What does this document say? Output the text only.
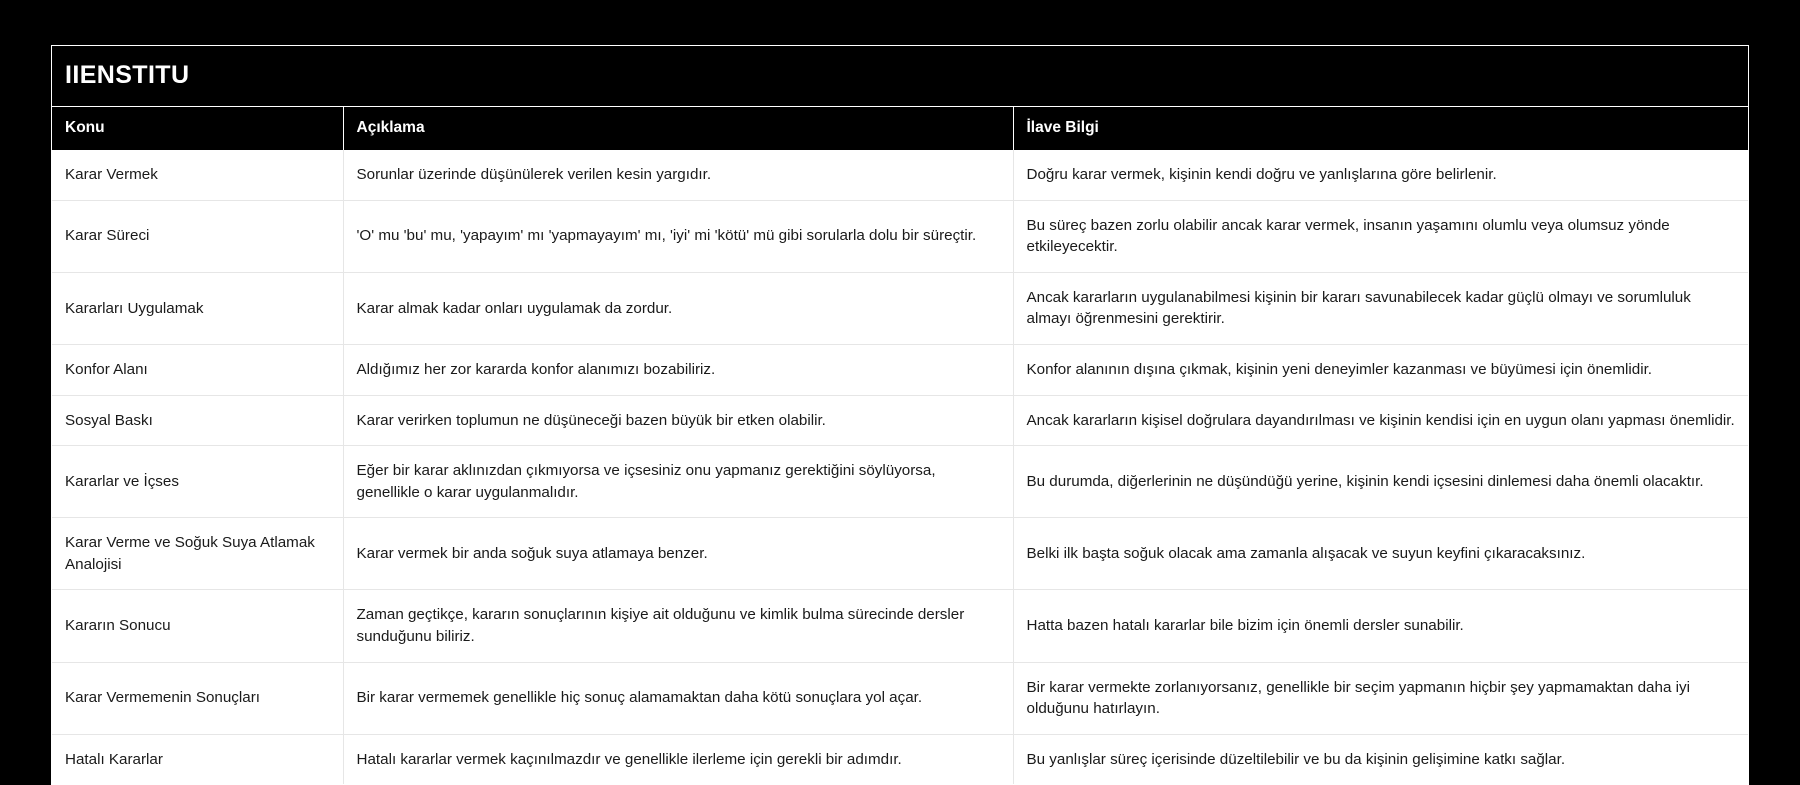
IIENSTITU
Konu	Açıklama	İlave Bilgi
Karar Vermek	Sorunlar üzerinde düşünülerek verilen kesin yargıdır.	Doğru karar vermek, kişinin kendi doğru ve yanlışlarına göre belirlenir.
Karar Süreci	'O' mu 'bu' mu, 'yapayım' mı 'yapmayayım' mı, 'iyi' mi 'kötü' mü gibi sorularla dolu bir süreçtir.	Bu süreç bazen zorlu olabilir ancak karar vermek, insanın yaşamını olumlu veya olumsuz yönde etkileyecektir.
Kararları Uygulamak	Karar almak kadar onları uygulamak da zordur.	Ancak kararların uygulanabilmesi kişinin bir kararı savunabilecek kadar güçlü olmayı ve sorumluluk almayı öğrenmesini gerektirir.
Konfor Alanı	Aldığımız her zor kararda konfor alanımızı bozabiliriz.	Konfor alanının dışına çıkmak, kişinin yeni deneyimler kazanması ve büyümesi için önemlidir.
Sosyal Baskı	Karar verirken toplumun ne düşüneceği bazen büyük bir etken olabilir.	Ancak kararların kişisel doğrulara dayandırılması ve kişinin kendisi için en uygun olanı yapması önemlidir.
Kararlar ve İçses	Eğer bir karar aklınızdan çıkmıyorsa ve içsesiniz onu yapmanız gerektiğini söylüyorsa, genellikle o karar uygulanmalıdır.	Bu durumda, diğerlerinin ne düşündüğü yerine, kişinin kendi içsesini dinlemesi daha önemli olacaktır.
Karar Verme ve Soğuk Suya Atlamak Analojisi	Karar vermek bir anda soğuk suya atlamaya benzer.	Belki ilk başta soğuk olacak ama zamanla alışacak ve suyun keyfini çıkaracaksınız.
Kararın Sonucu	Zaman geçtikçe, kararın sonuçlarının kişiye ait olduğunu ve kimlik bulma sürecinde dersler sunduğunu biliriz.	Hatta bazen hatalı kararlar bile bizim için önemli dersler sunabilir.
Karar Vermemenin Sonuçları	Bir karar vermemek genellikle hiç sonuç alamamaktan daha kötü sonuçlara yol açar.	Bir karar vermekte zorlanıyorsanız, genellikle bir seçim yapmanın hiçbir şey yapmamaktan daha iyi olduğunu hatırlayın.
Hatalı Kararlar	Hatalı kararlar vermek kaçınılmazdır ve genellikle ilerleme için gerekli bir adımdır.	Bu yanlışlar süreç içerisinde düzeltilebilir ve bu da kişinin gelişimine katkı sağlar.
